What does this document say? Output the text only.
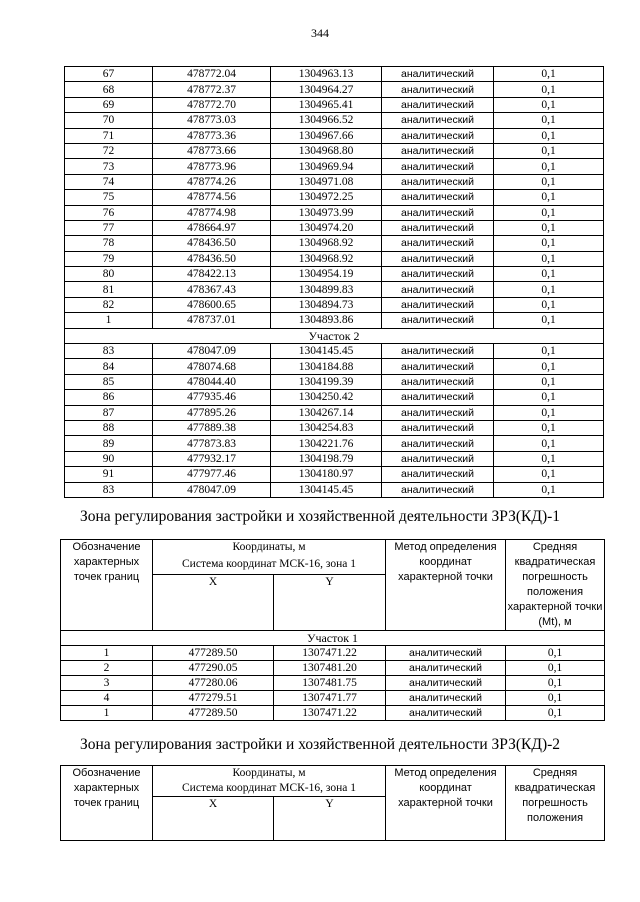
344
67	478772.04	1304963.13	аналитический	0,1
68	478772.37	1304964.27	аналитический	0,1
69	478772.70	1304965.41	аналитический	0,1
70	478773.03	1304966.52	аналитический	0,1
71	478773.36	1304967.66	аналитический	0,1
72	478773.66	1304968.80	аналитический	0,1
73	478773.96	1304969.94	аналитический	0,1
74	478774.26	1304971.08	аналитический	0,1
75	478774.56	1304972.25	аналитический	0,1
76	478774.98	1304973.99	аналитический	0,1
77	478664.97	1304974.20	аналитический	0,1
78	478436.50	1304968.92	аналитический	0,1
79	478436.50	1304968.92	аналитический	0,1
80	478422.13	1304954.19	аналитический	0,1
81	478367.43	1304899.83	аналитический	0,1
82	478600.65	1304894.73	аналитический	0,1
1	478737.01	1304893.86	аналитический	0,1
Участок 2				
83	478047.09	1304145.45	аналитический	0,1
84	478074.68	1304184.88	аналитический	0,1
85	478044.40	1304199.39	аналитический	0,1
86	477935.46	1304250.42	аналитический	0,1
87	477895.26	1304267.14	аналитический	0,1
88	477889.38	1304254.83	аналитический	0,1
89	477873.83	1304221.76	аналитический	0,1
90	477932.17	1304198.79	аналитический	0,1
91	477977.46	1304180.97	аналитический	0,1
83	478047.09	1304145.45	аналитический	0,1
Зона регулирования застройки и хозяйственной деятельности ЗРЗ(КД)-1
Обозначение характерных точек границ	Координаты, м		Метод определения координат характерной точки	Средняя квадратическая погрешность положения характерной точки (Mt), м
	Система координат МСК-16, зона 1			
	X	Y		
Участок 1				
1	477289.50	1307471.22	аналитический	0,1
2	477290.05	1307481.20	аналитический	0,1
3	477280.06	1307481.75	аналитический	0,1
4	477279.51	1307471.77	аналитический	0,1
1	477289.50	1307471.22	аналитический	0,1
Зона регулирования застройки и хозяйственной деятельности ЗРЗ(КД)-2
Обозначение характерных точек границ	Координаты, м		Метод определения координат характерной точки	Средняя квадратическая погрешность положения
	Система координат МСК-16, зона 1			
	X	Y		
